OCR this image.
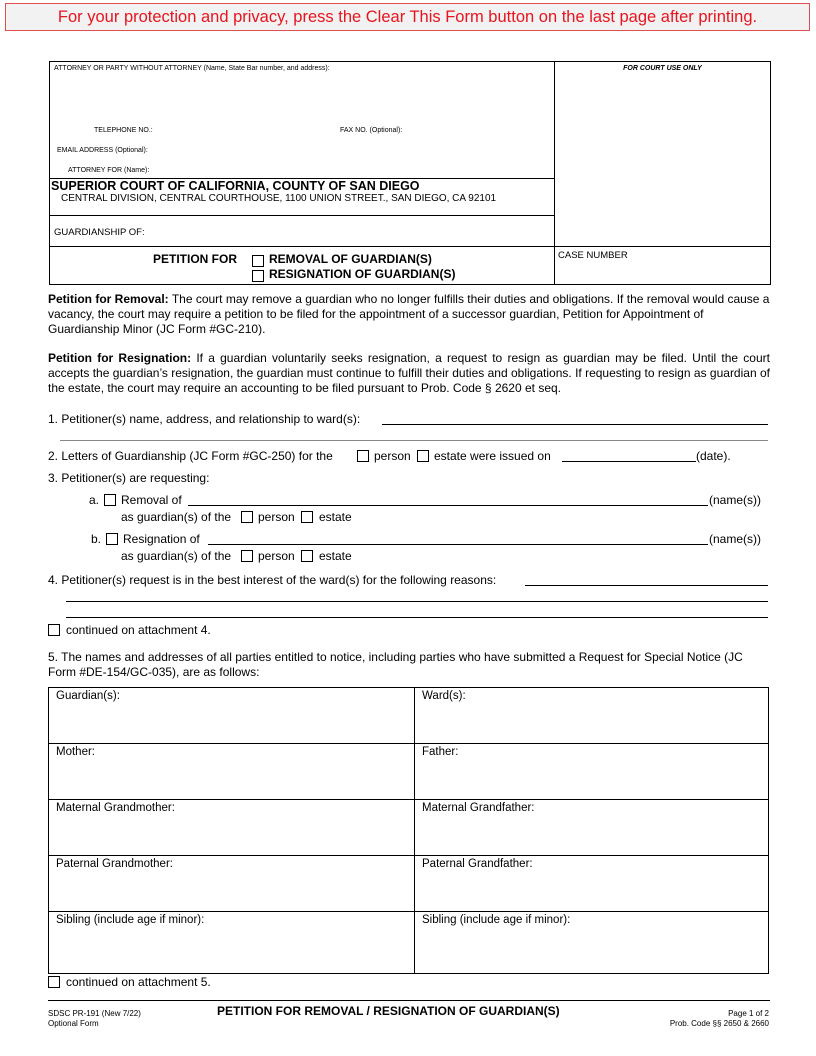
For your protection and privacy, press the Clear This Form button on the last page after printing.
ATTORNEY OR PARTY WITHOUT ATTORNEY (Name, State Bar number, and address):
TELEPHONE NO.:	FAX NO. (Optional):
EMAIL ADDRESS (Optional):
ATTORNEY FOR (Name):
SUPERIOR COURT OF CALIFORNIA, COUNTY OF SAN DIEGO
CENTRAL DIVISION, CENTRAL COURTHOUSE, 1100 UNION STREET., SAN DIEGO, CA 92101
GUARDIANSHIP OF:
PETITION FOR	REMOVAL OF GUARDIAN(S)
RESIGNATION OF GUARDIAN(S)
FOR COURT USE ONLY
CASE NUMBER
Petition for Removal: The court may remove a guardian who no longer fulfills their duties and obligations. If the removal would cause a vacancy, the court may require a petition to be filed for the appointment of a successor guardian, Petition for Appointment of Guardianship Minor (JC Form #GC-210).
Petition for Resignation: If a guardian voluntarily seeks resignation, a request to resign as guardian may be filed. Until the court accepts the guardian’s resignation, the guardian must continue to fulfill their duties and obligations. If requesting to resign as guardian of the estate, the court may require an accounting to be filed pursuant to Prob. Code § 2620 et seq.
1. Petitioner(s) name, address, and relationship to ward(s):
2. Letters of Guardianship (JC Form #GC-250) for the	person estate were issued on	(date).
3. Petitioner(s) are requesting:
a. Removal of	(name(s))
as guardian(s) of the person estate
b. Resignation of	(name(s))
as guardian(s) of the person estate
4. Petitioner(s) request is in the best interest of the ward(s) for the following reasons:
continued on attachment 4.
5. The names and addresses of all parties entitled to notice, including parties who have submitted a Request for Special Notice (JC Form #DE-154/GC-035), are as follows:
Guardian(s):	Ward(s):
Mother:	Father:
Maternal Grandmother:	Maternal Grandfather:
Paternal Grandmother:	Paternal Grandfather:
Sibling (include age if minor):	Sibling (include age if minor):
continued on attachment 5.
SDSC PR-191 (New 7/22)
Optional Form
PETITION FOR REMOVAL / RESIGNATION OF GUARDIAN(S)	Page 1 of 2
Prob. Code §§ 2650 & 2660
